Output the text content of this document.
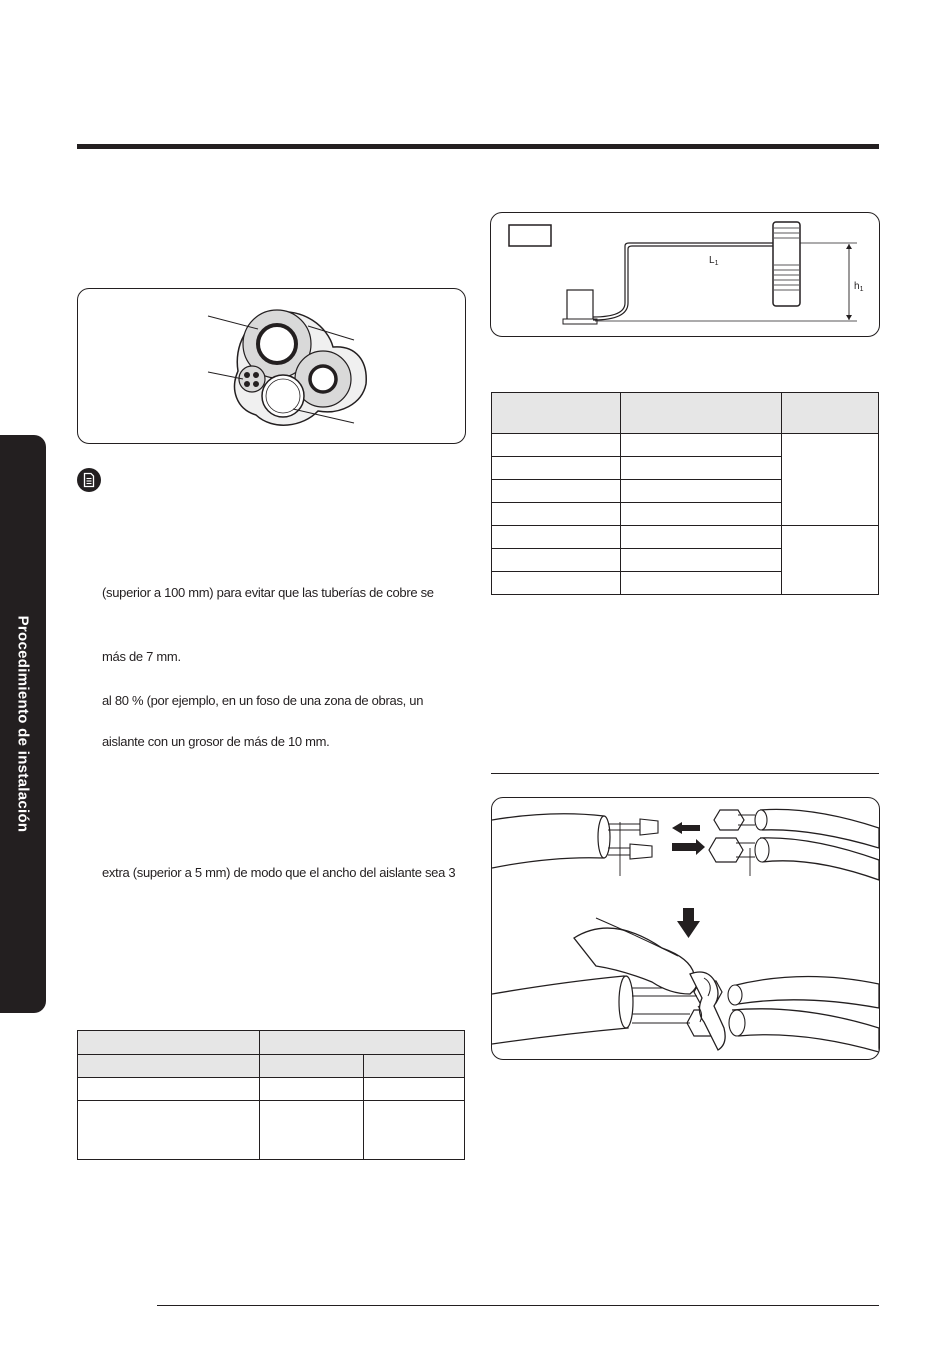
Procedimiento de instalación
(superior a 100 mm) para evitar que las tuberías de cobre se
más de 7 mm.
al 80 % (por ejemplo, en un foso de una zona de obras, un
aislante con un grosor de más de 10 mm.
extra (superior a 5 mm) de modo que el ancho del aislante sea 3

$L_1$
$h_1$
